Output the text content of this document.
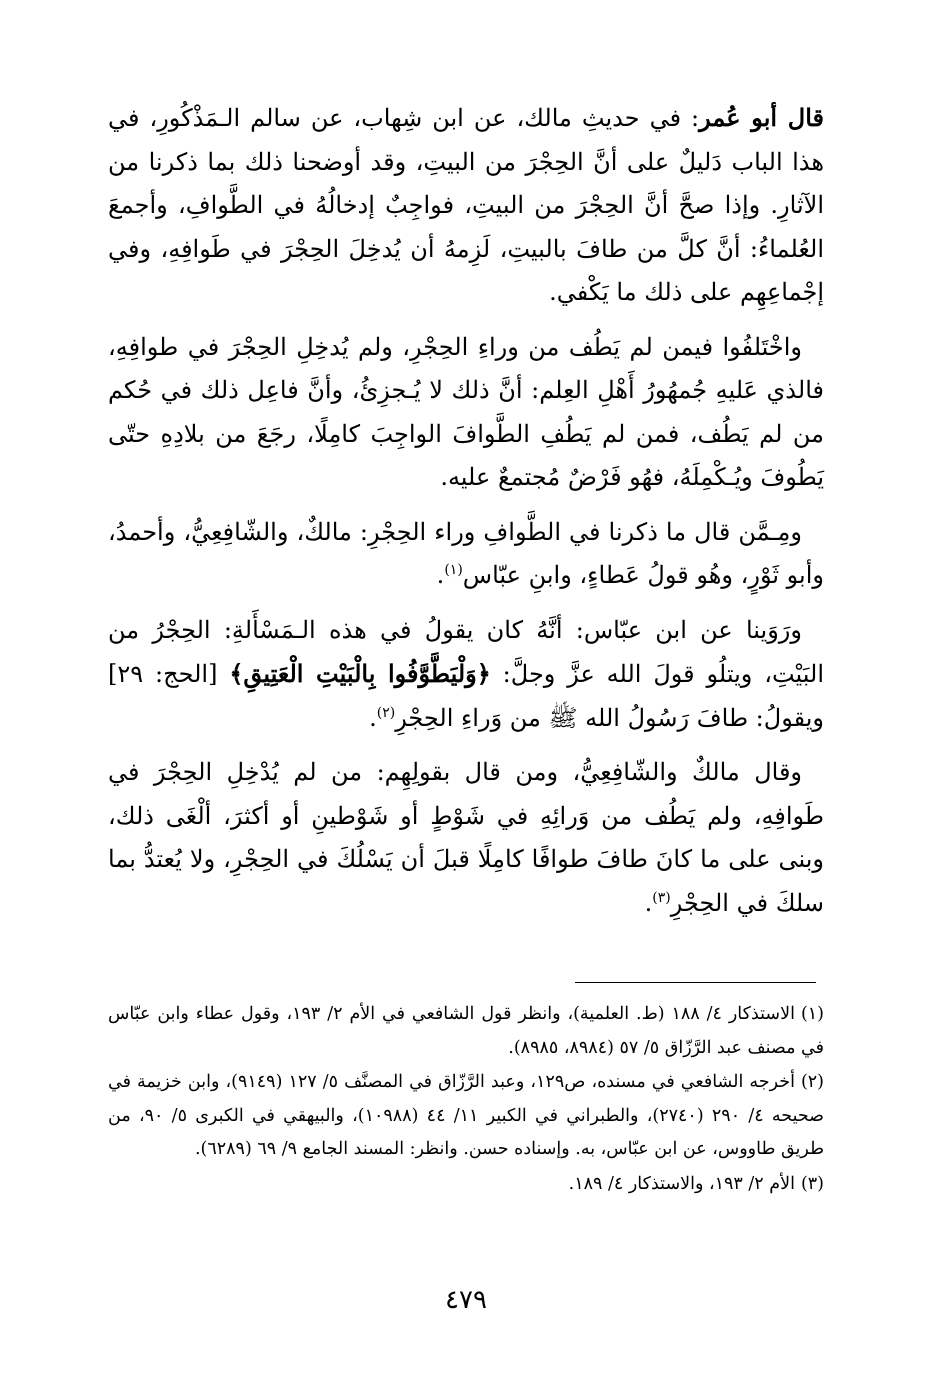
قال أبو عُمر: في حديثِ مالك، عن ابن شِهاب، عن سالم الـمَذْكُورِ، في هذا الباب دَليلٌ على أنَّ الحِجْرَ من البيتِ، وقد أوضحنا ذلك بما ذكرنا من الآثارِ. وإذا صحَّ أنَّ الحِجْرَ من البيتِ، فواجِبٌ إدخالُهُ في الطَّوافِ، وأجمعَ العُلماءُ: أنَّ كلَّ من طافَ بالبيتِ، لَزِمهُ أن يُدخِلَ الحِجْرَ في طَوافِهِ، وفي إجْماعِهِم على ذلك ما يَكْفي.

واخْتَلفُوا فيمن لم يَطُف من وراءِ الحِجْرِ، ولم يُدخِلِ الحِجْرَ في طوافِهِ، فالذي عَليهِ جُمهُورُ أَهْلِ العِلم: أنَّ ذلك لا يُـجزِئُ، وأنَّ فاعِل ذلك في حُكم من لم يَطُف، فمن لم يَطُفِ الطَّوافَ الواجِبَ كامِلًا، رجَعَ من بلادِهِ حتّى يَطُوفَ ويُـكْمِلَهُ، فهُو فَرْضٌ مُجتمعٌ عليه.

ومِـمَّن قال ما ذكرنا في الطَّوافِ وراء الحِجْرِ: مالكٌ، والشّافِعِيُّ، وأحمدُ، وأبو ثَوْرٍ، وهُو قولُ عَطاءٍ، وابنِ عبّاس$^{(١)}$.

ورَوَينا عن ابن عبّاس: أنَّهُ كان يقولُ في هذه الـمَسْأَلةِ: الحِجْرُ من البَيْتِ، ويتلُو قولَ الله عزَّ وجلَّ: ﴿وَلْيَطَّوَّفُوا بِالْبَيْتِ الْعَتِيقِ﴾ [الحج: ٢٩] ويقولُ: طافَ رَسُولُ الله ﷺ من وَراءِ الحِجْرِ$^{(٢)}$.

وقال مالكٌ والشّافِعِيُّ، ومن قال بقولِهِم: من لم يُدْخِلِ الحِجْرَ في طَوافِهِ، ولم يَطُف من وَرائِهِ في شَوْطٍ أو شَوْطينِ أو أكثرَ، ألْغَى ذلك، وبنى على ما كانَ طافَ طوافًا كامِلًا قبلَ أن يَسْلُكَ في الحِجْرِ، ولا يُعتدُّ بما سلكَ في الحِجْرِ$^{(٣)}$.

(١)الاستذكار ٤/ ١٨٨ (ط. العلمية)، وانظر قول الشافعي في الأم ٢/ ١٩٣، وقول عطاء وابن عبّاس في مصنف عبد الرَّزّاق ٥/ ٥٧ (٨٩٨٤، ٨٩٨٥).

(٢)أخرجه الشافعي في مسنده، ص١٢٩، وعبد الرَّزّاق في المصنَّف ٥/ ١٢٧ (٩١٤٩)، وابن خزيمة في صحيحه ٤/ ٢٩٠ (٢٧٤٠)، والطبراني في الكبير ١١/ ٤٤ (١٠٩٨٨)، والبيهقي في الكبرى ٥/ ٩٠، من طريق طاووس، عن ابن عبّاس، به. وإسناده حسن. وانظر: المسند الجامع ٩/ ٦٩ (٦٢٨٩).

(٣)الأم ٢/ ١٩٣، والاستذكار ٤/ ١٨٩.

٤٧٩
